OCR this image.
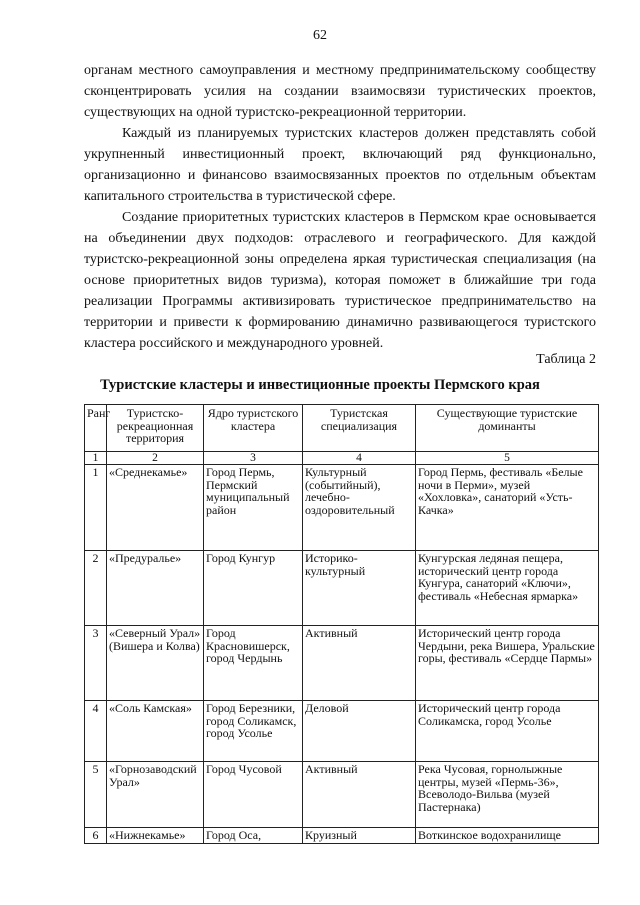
62

органам местного самоуправления и местному предпринимательскому сообществу сконцентрировать усилия на создании взаимосвязи туристических проектов, существующих на одной туристско-рекреационной территории.

Каждый из планируемых туристских кластеров должен представлять собой укрупненный инвестиционный проект, включающий ряд функционально, организационно и финансово взаимосвязанных проектов по отдельным объектам капитального строительства в туристической сфере.

Создание приоритетных туристских кластеров в Пермском крае основывается на объединении двух подходов: отраслевого и географического. Для каждой туристско-рекреационной зоны определена яркая туристическая специализация (на основе приоритетных видов туризма), которая поможет в ближайшие три года реализации Программы активизировать туристическое предпринимательство на территории и привести к формированию динамично развивающегося туристского кластера российского и международного уровней.

Таблица 2
Туристские кластеры и инвестиционные проекты Пермского края
Ранг	Туристско-рекреационная территория	Ядро туристского кластера	Туристская специализация	Существующие туристские доминанты
1	2	3	4	5
1	«Среднекамье»	Город Пермь, Пермский муниципальный район	Культурный (событийный), лечебно-оздоровительный	Город Пермь, фестиваль «Белые ночи в Перми», музей «Хохловка», санаторий «Усть-Качка»
2	«Предуралье»	Город Кунгур	Историко-культурный	Кунгурская ледяная пещера, исторический центр города Кунгура, санаторий «Ключи», фестиваль «Небесная ярмарка»
3	«Северный Урал» (Вишера и Колва)	Город Красновишерск, город Чердынь	Активный	Исторический центр города Чердыни, река Вишера, Уральские горы, фестиваль «Сердце Пармы»
4	«Соль Камская»	Город Березники, город Соликамск, город Усолье	Деловой	Исторический центр города Соликамска, город Усолье
5	«Горнозаводский Урал»	Город Чусовой	Активный	Река Чусовая, горнолыжные центры, музей «Пермь-36», Всеволодо-Вильва (музей Пастернака)
6	«Нижнекамье»	Город Оса,	Круизный	Воткинское водохранилище
